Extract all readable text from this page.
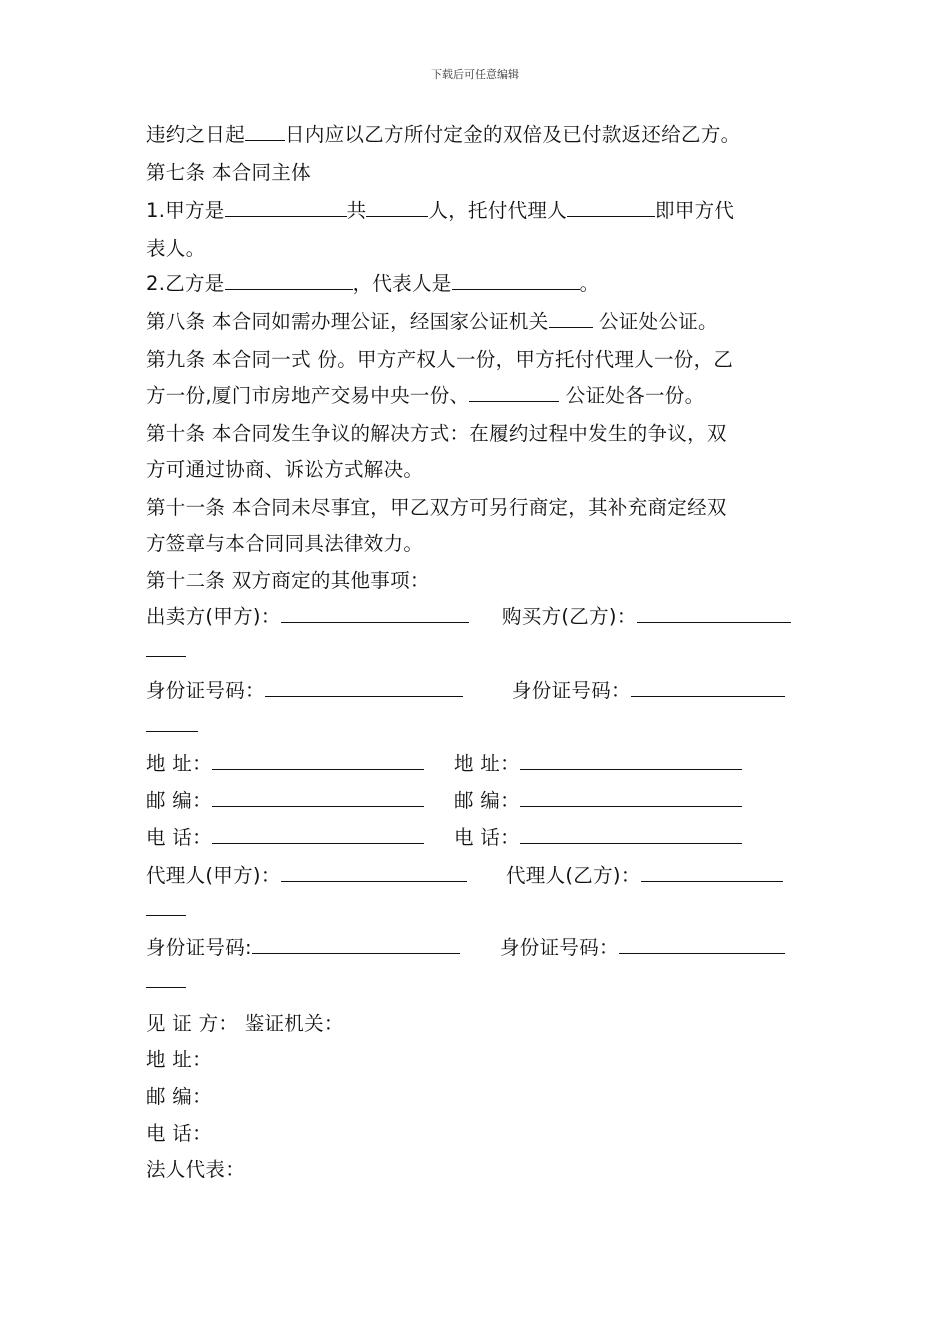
下载后可任意编辑
违约之日起 日内应以乙方所付定金的双倍及已付款返还给乙方。
第七条 本合同主体
1.甲方是	共	人，托付代理人	即甲方代
表人。
2.乙方是	，代表人是	。
第八条 本合同如需办理公证，经国家公证机关 公证处公证。
第九条 本合同一式 份。甲方产权人一份，甲方托付代理人一份，乙
方一份,厦门市房地产交易中央一份、	公证处各一份。
第十条 本合同发生争议的解决方式：在履约过程中发生的争议，双
方可通过协商、诉讼方式解决。
第十一条 本合同未尽事宜，甲乙双方可另行商定，其补充商定经双
方签章与本合同同具法律效力。
第十二条 双方商定的其他事项：
出卖方(甲方)：	购买方(乙方)：
身份证号码：	身份证号码：
地 址：	地 址：
邮 编：	邮 编：
电 话：	电 话：
代理人(甲方)：	代理人(乙方)：
身份证号码:	身份证号码：
见 证 方： 鉴证机关：
地 址：
邮 编：
电 话：
法人代表：
